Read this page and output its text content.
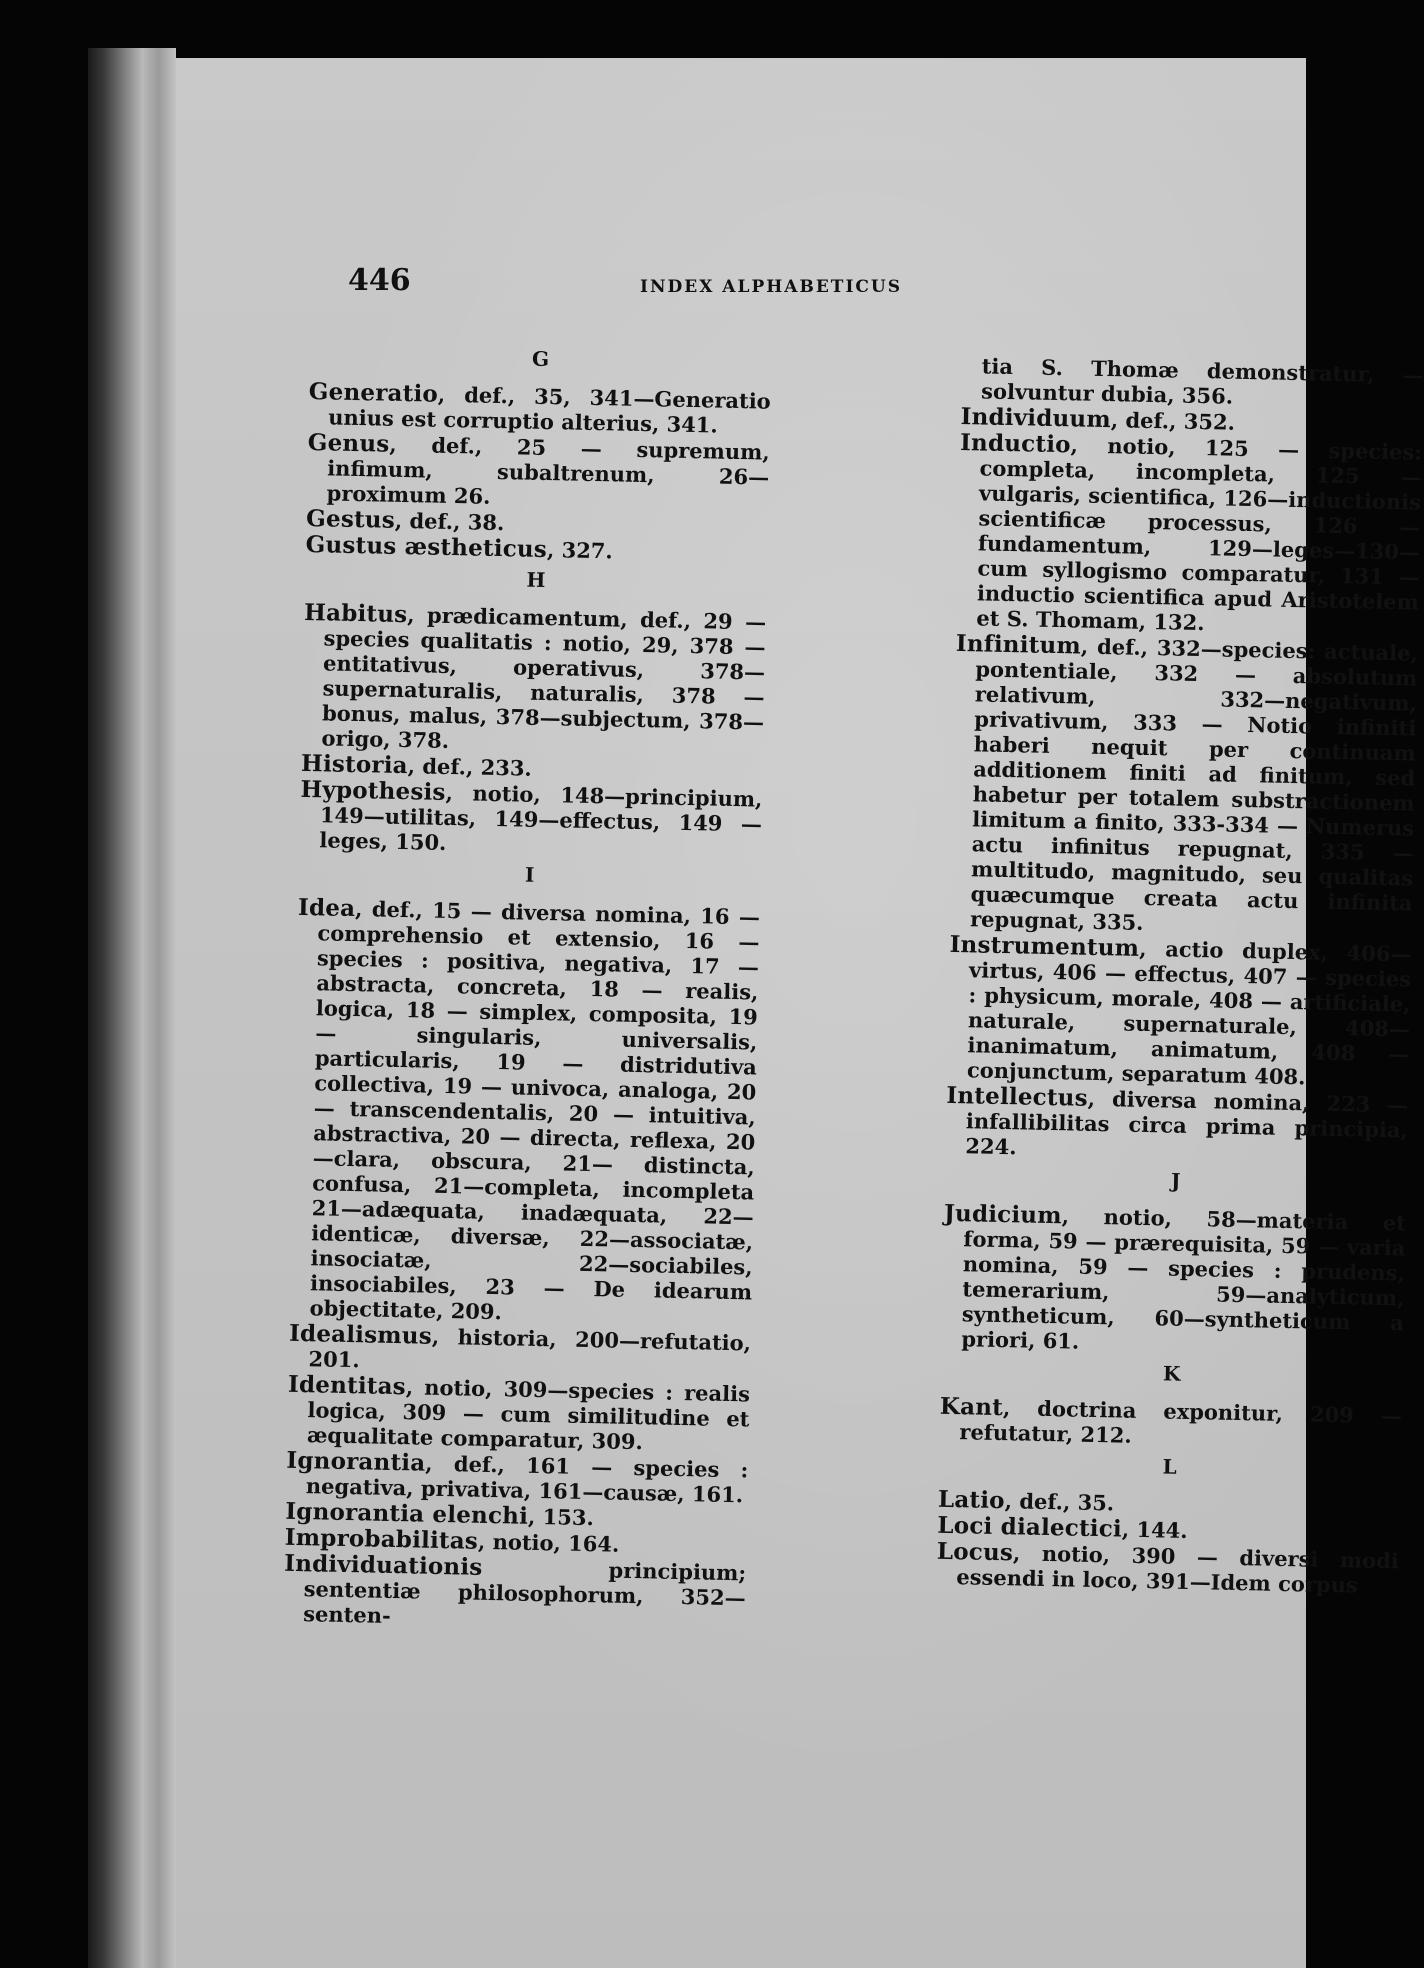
446	INDEX ALPHABETICUS
G
Generatio, def., 35, 341—Generatio unius est corruptio alterius, 341.
Genus, def., 25 — supremum, infimum, subaltrenum, 26—proximum 26.
Gestus, def., 38.
Gustus æstheticus, 327.
H
Habitus, prædicamentum, def., 29 —species qualitatis : notio, 29, 378 —entitativus, operativus, 378—supernaturalis, naturalis, 378 — bonus, malus, 378—subjectum, 378—origo, 378.
Historia, def., 233.
Hypothesis, notio, 148—principium, 149—utilitas, 149—effectus, 149 — leges, 150.
I
Idea, def., 15 — diversa nomina, 16 —comprehensio et extensio, 16 — species : positiva, negativa, 17 — abstracta, concreta, 18 — realis, logica, 18 — simplex, composita, 19 — singularis, universalis, particularis, 19 — distridutiva collectiva, 19 — univoca, analoga, 20 — transcendentalis, 20 — intuitiva, abstractiva, 20 — directa, reflexa, 20—clara, obscura, 21— distincta, confusa, 21—completa, incompleta 21—adæquata, inadæquata, 22—identicæ, diversæ, 22—associatæ, insociatæ, 22—sociabiles, insociabiles, 23 — De idearum objectitate, 209.
Idealismus, historia, 200—refutatio, 201.
Identitas, notio, 309—species : realis logica, 309 — cum similitudine et æqualitate comparatur, 309.
Ignorantia, def., 161 — species : negativa, privativa, 161—causæ, 161.
Ignorantia elenchi, 153.
Improbabilitas, notio, 164.
Individuationis principium; sententiæ philosophorum, 352—senten-
tia S. Thomæ demonstratur, — solvuntur dubia, 356.
Individuum, def., 352.
Inductio, notio, 125 — species: completa, incompleta, 125 — vulgaris, scientifica, 126—inductionis scientificæ processus, 126 — fundamentum, 129—leges—130—cum syllogismo comparatur, 131 — inductio scientifica apud Aristotelem et S. Thomam, 132.
Infinitum, def., 332—species: actuale, pontentiale, 332 — absolutum relativum, 332—negativum, privativum, 333 — Notio infiniti haberi nequit per continuam additionem finiti ad finitum, sed habetur per totalem substractionem limitum a finito, 333-334 — Numerus actu infinitus repugnat, 335 —multitudo, magnitudo, seu qualitas quæcumque creata actu infinita repugnat, 335.
Instrumentum, actio duplex, 406—virtus, 406 — effectus, 407 — species : physicum, morale, 408 — artificiale, naturale, supernaturale, 408—inanimatum, animatum, 408 — conjunctum, separatum 408.
Intellectus, diversa nomina, 223 — infallibilitas circa prima principia, 224.
J
Judicium, notio, 58—materia et forma, 59 — prærequisita, 59 — varia nomina, 59 — species : prudens, temerarium, 59—analyticum, syntheticum, 60—syntheticum a priori, 61.
K
Kant, doctrina exponitur, 209 — refutatur, 212.
L
Latio, def., 35.
Loci dialectici, 144.
Locus, notio, 390 — diversi modi essendi in loco, 391—Idem corpus
